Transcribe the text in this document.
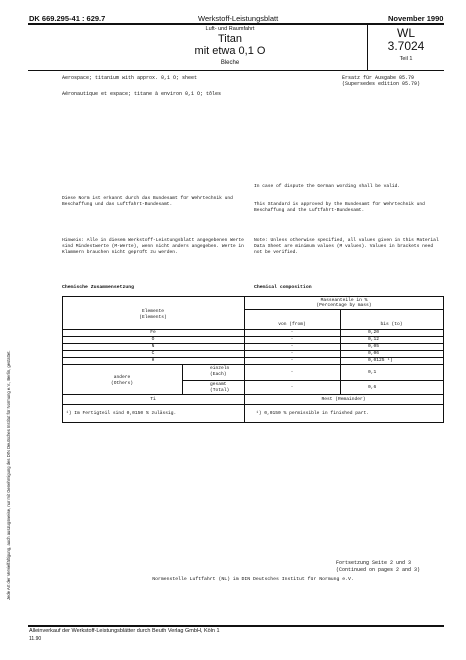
DK 669.295-41 : 629.7	Werkstoff-Leistungsblatt	November 1990
Luft- und Raumfahrt
Titan
mit etwa 0,1 O
Bleche
WL
3.7024
Teil 1
Jede Art der Vervielfältigung, auch auszugsweise, nur mit Genehmigung des DIN Deutsches Institut für Normung e.V., Berlin, gestattet.
Aerospace; titanium with approx. 0,1 O; sheet
Aéronautique et espace; titane à environ 0,1 O; tôles
Ersatz für Ausgabe 05.79
(Supersedes edition 05.79)
In case of dispute the German wording shall be valid.
Diese Norm ist erkannt durch das Bundesamt für Wehrtechnik und Beschaffung und das Luftfahrt-Bundesamt.	This Standard is approved by the Bundesamt für Wehrtechnik und Beschaffung and the Luftfahrt-Bundesamt.
Hinweis: Alle in diesem Werkstoff-Leistungsblatt angegebenen Werte sind Mindestwerte (M-Werte), wenn nicht anders angegeben. Werte in Klammern brauchen nicht geprüft zu werden.
Note: Unless otherwise specified, all values given in this Material Data Sheet are minimum values (M values). Values in brackets need not be verified.
Chemische Zusammensetzung	Chemical composition
Elemente
(Elements)
Masseanteile in %
(Percentage by mass)
von (from)	bis (to)
Fe	-	0,20
O	-	0,12
N	-	0,05
C	-	0,06
H	-	0,0125 ¹)
andere
(Others)
einzeln
(Each)	-	0,1
gesamt
(Total)
-	0,6
Ti	Rest (Remainder)
¹) Im Fertigteil sind 0,0150 % zulässig.	¹) 0,0150 % permissible in finished part.
Fortsetzung Seite 2 und 3
(Continued on pages 2 and 3)
Normenstelle Luftfahrt (NL) im DIN Deutsches Institut für Normung e.V.
Alleinverkauf der Werkstoff-Leistungsblätter durch Beuth Verlag GmbH, Köln 1
11.90
